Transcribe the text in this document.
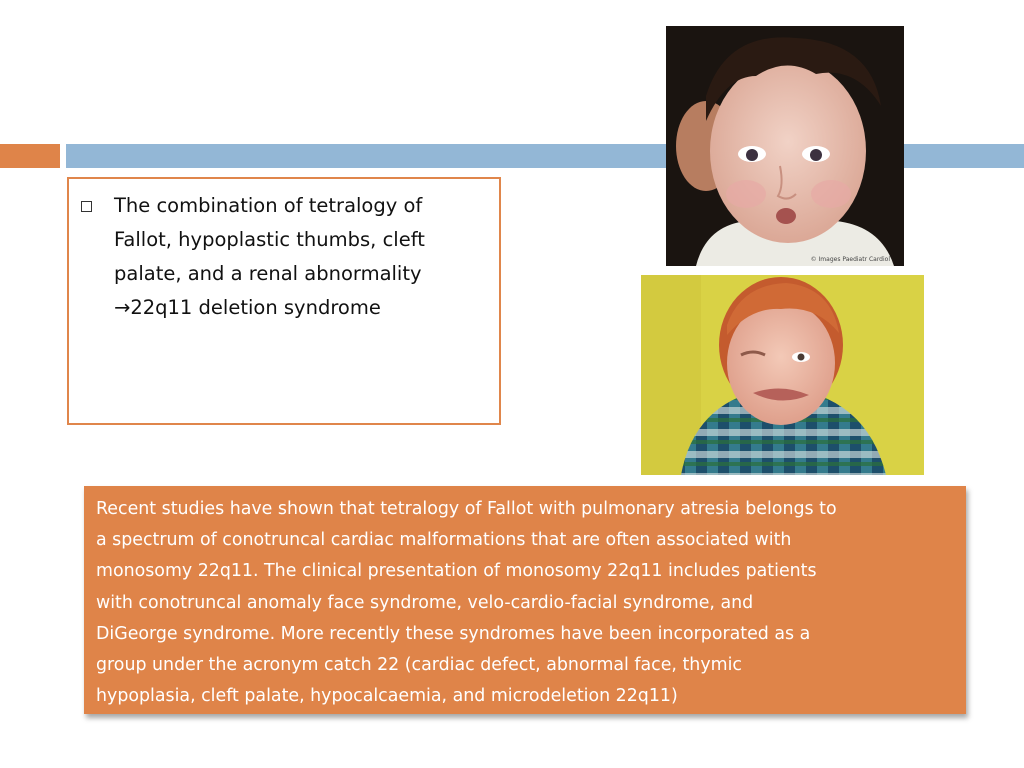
The combination of tetralogy of
Fallot, hypoplastic thumbs, cleft
palate, and a renal abnormality
→22q11 deletion syndrome
© Images Paediatr Cardiol
Recent studies have shown that tetralogy of Fallot with pulmonary atresia belongs to
a spectrum of conotruncal cardiac malformations that are often associated with
monosomy 22q11. The clinical presentation of monosomy 22q11 includes patients
with conotruncal anomaly face syndrome, velo-cardio-facial syndrome, and
DiGeorge syndrome. More recently these syndromes have been incorporated as a
group under the acronym catch 22 (cardiac defect, abnormal face, thymic
hypoplasia, cleft palate, hypocalcaemia, and microdeletion 22q11)
